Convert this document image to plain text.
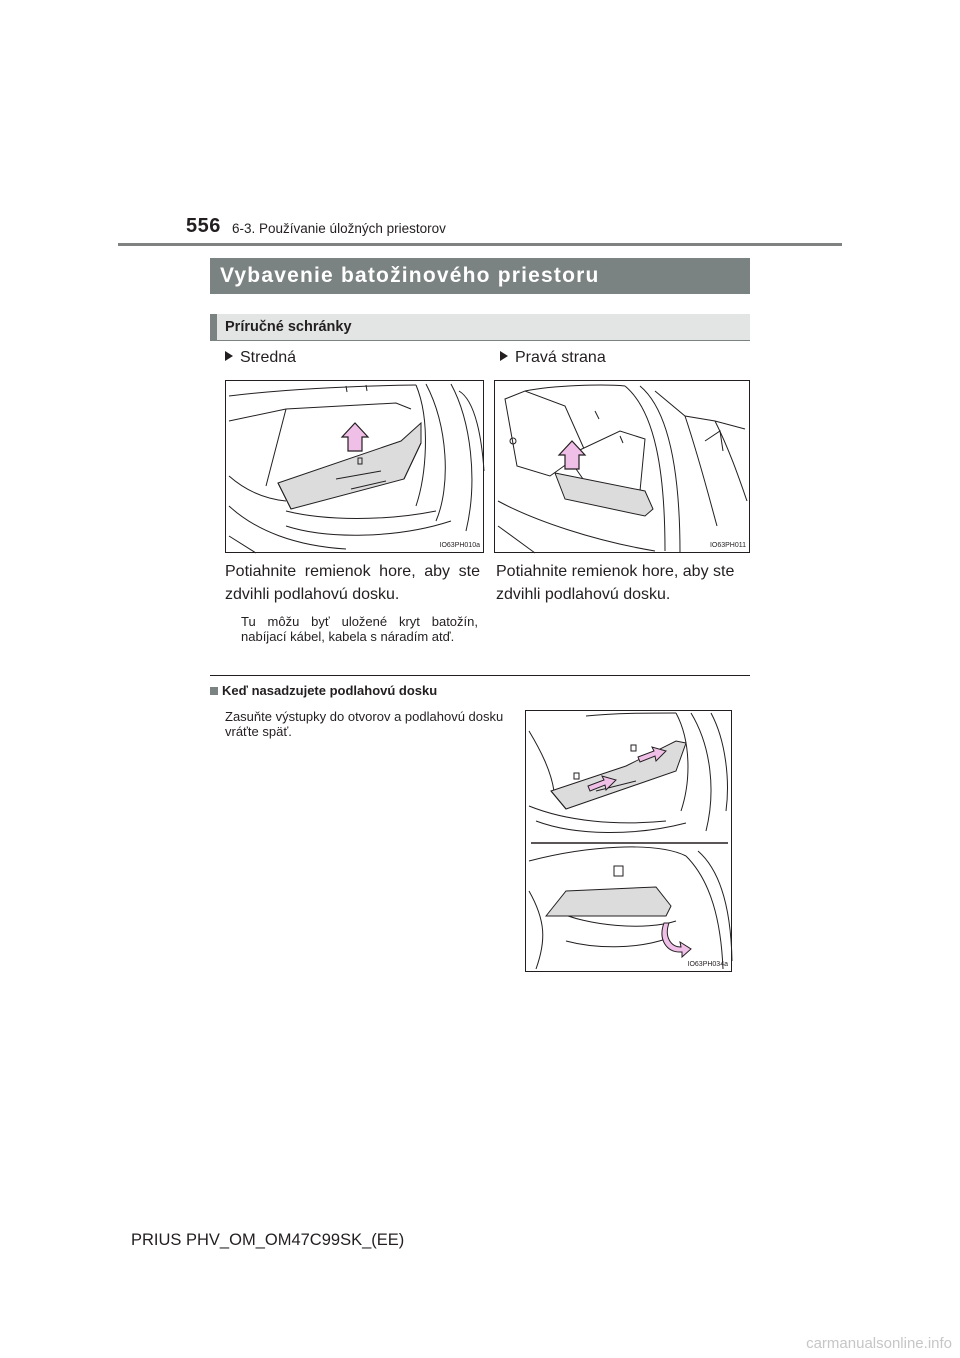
556 6-3. Používanie úložných priestorov
Vybavenie batožinového priestoru
Príručné schránky
Stredná	Pravá strana
IO63PH010a	IO63PH011
Potiahnite remienok hore, aby ste zdvihli podlahovú dosku.
Tu môžu byť uložené kryt batožín, nabíjací kábel, kabela s náradím atď.
Potiahnite remienok hore, aby ste zdvihli podlahovú dosku.
Keď nasadzujete podlahovú dosku
Zasuňte výstupky do otvorov a podlahovú dosku vráťte späť.
IO63PH034a
PRIUS PHV_OM_OM47C99SK_(EE)
carmanualsonline.info
